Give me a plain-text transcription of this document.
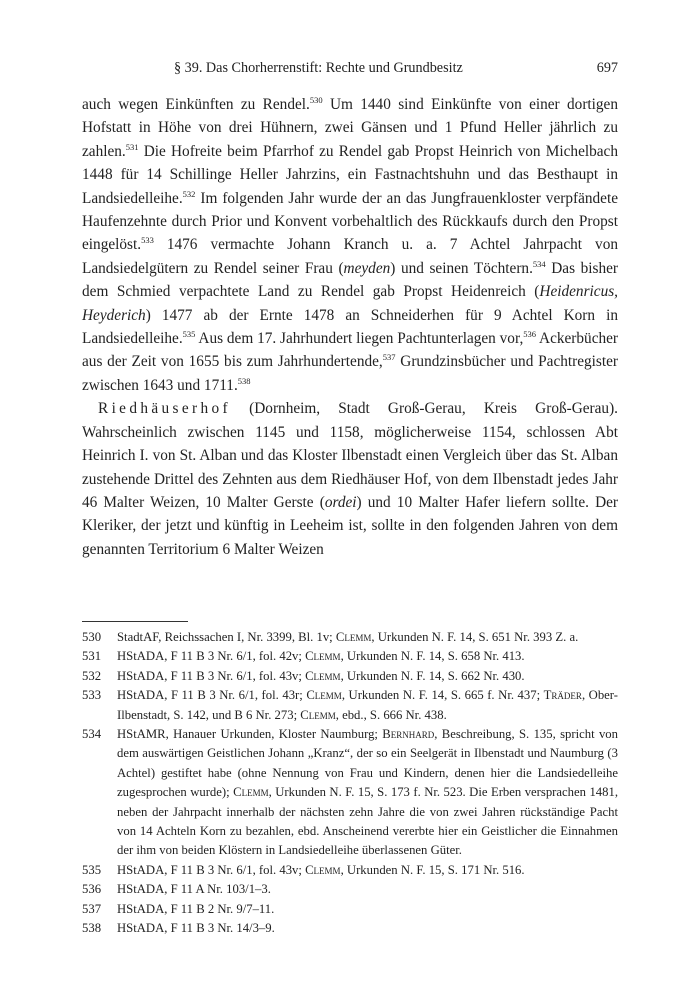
§ 39. Das Chorherrenstift: Rechte und Grundbesitz	697

auch wegen Einkünften zu Rendel.$^{530}$ Um 1440 sind Einkünfte von einer dortigen Hofstatt in Höhe von drei Hühnern, zwei Gänsen und 1 Pfund Heller jährlich zu zahlen.$^{531}$ Die Hofreite beim Pfarrhof zu Rendel gab Propst Heinrich von Michelbach 1448 für 14 Schillinge Heller Jahrzins, ein Fastnachtshuhn und das Besthaupt in Landsiedelleihe.$^{532}$ Im folgenden Jahr wurde der an das Jungfrauenkloster verpfändete Haufenzehnte durch Prior und Konvent vorbehaltlich des Rückkaufs durch den Propst eingelöst.$^{533}$ 1476 vermachte Johann Kranch u. a. 7 Achtel Jahrpacht von Landsiedelgütern zu Rendel seiner Frau (meyden) und seinen Töchtern.$^{534}$ Das bisher dem Schmied verpachtete Land zu Rendel gab Propst Heidenreich (Heidenricus, Heyderich) 1477 ab der Ernte 1478 an Schneiderhen für 9 Achtel Korn in Landsiedelleihe.$^{535}$ Aus dem 17. Jahrhundert liegen Pachtunterlagen vor,$^{536}$ Ackerbücher aus der Zeit von 1655 bis zum Jahrhundertende,$^{537}$ Grundzinsbücher und Pachtregister zwischen 1643 und 1711.$^{538}$

Riedhäuserhof (Dornheim, Stadt Groß-Gerau, Kreis Groß-Gerau). Wahrscheinlich zwischen 1145 und 1158, möglicherweise 1154, schlossen Abt Heinrich I. von St. Alban und das Kloster Ilbenstadt einen Vergleich über das St. Alban zustehende Drittel des Zehnten aus dem Riedhäuser Hof, von dem Ilbenstadt jedes Jahr 46 Malter Weizen, 10 Malter Gerste (ordei) und 10 Malter Hafer liefern sollte. Der Kleriker, der jetzt und künftig in Leeheim ist, sollte in den folgenden Jahren von dem genannten Territorium 6 Malter Weizen

530 StadtAF, Reichssachen I, Nr. 3399, Bl. 1v; Clemm, Urkunden N. F. 14, S. 651 Nr. 393 Z. a.
531 HStADA, F 11 B 3 Nr. 6/1, fol. 42v; Clemm, Urkunden N. F. 14, S. 658 Nr. 413.
532 HStADA, F 11 B 3 Nr. 6/1, fol. 43v; Clemm, Urkunden N. F. 14, S. 662 Nr. 430.
533 HStADA, F 11 B 3 Nr. 6/1, fol. 43r; Clemm, Urkunden N. F. 14, S. 665 f. Nr. 437; Träder, Ober-Ilbenstadt, S. 142, und B 6 Nr. 273; Clemm, ebd., S. 666 Nr. 438.
534 HStAMR, Hanauer Urkunden, Kloster Naumburg; Bernhard, Beschreibung, S. 135, spricht von dem auswärtigen Geistlichen Johann „Kranz“, der so ein Seelgerät in Ilbenstadt und Naumburg (3 Achtel) gestiftet habe (ohne Nennung von Frau und Kindern, denen hier die Landsiedelleihe zugesprochen wurde); Clemm, Urkunden N. F. 15, S. 173 f. Nr. 523. Die Erben versprachen 1481, neben der Jahrpacht innerhalb der nächsten zehn Jahre die von zwei Jahren rückständige Pacht von 14 Achteln Korn zu bezahlen, ebd. Anscheinend vererbte hier ein Geistlicher die Einnahmen der ihm von beiden Klöstern in Landsiedelleihe überlassenen Güter.
535 HStADA, F 11 B 3 Nr. 6/1, fol. 43v; Clemm, Urkunden N. F. 15, S. 171 Nr. 516.
536 HStADA, F 11 A Nr. 103/1–3.
537 HStADA, F 11 B 2 Nr. 9/7–11.
538 HStADA, F 11 B 3 Nr. 14/3–9.
